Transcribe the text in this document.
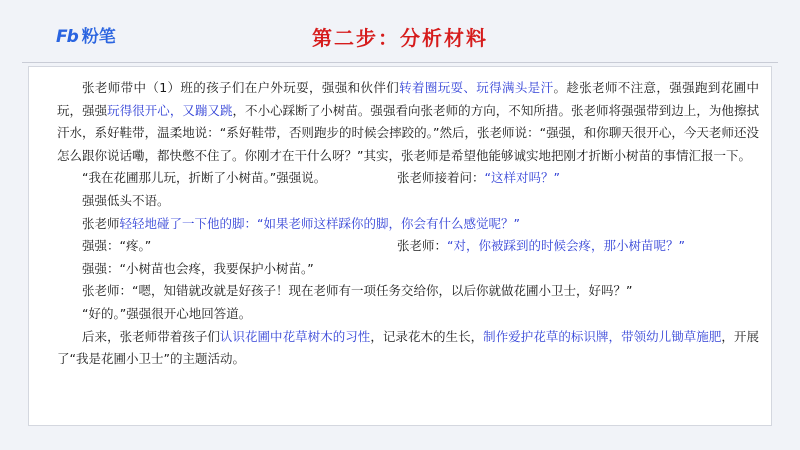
Fb 粉笔	第二步：分析材料

张老师带中（1）班的孩子们在户外玩耍，强强和伙伴们转着圈玩耍、玩得满头是汗。趁张老师不注意，强强跑到花圃中玩，强强玩得很开心，又蹦又跳，不小心踩断了小树苗。强强看向张老师的方向，不知所措。张老师将强强带到边上，为他擦拭汗水，系好鞋带，温柔地说：“系好鞋带，否则跑步的时候会摔跤的。”然后，张老师说：“强强，和你聊天很开心，今天老师还没怎么跟你说话嘞，都快憋不住了。你刚才在干什么呀？”其实，张老师是希望他能够诚实地把刚才折断小树苗的事情汇报一下。

“我在花圃那儿玩，折断了小树苗。”强强说。	张老师接着问：“这样对吗？”
强强低头不语。
张老师轻轻地碰了一下他的脚：“如果老师这样踩你的脚，你会有什么感觉呢？”
强强：“疼。”	张老师：“对，你被踩到的时候会疼，那小树苗呢？”
强强：“小树苗也会疼，我要保护小树苗。”
张老师：“嗯，知错就改就是好孩子！现在老师有一项任务交给你，以后你就做花圃小卫士，好吗？”
“好的。”强强很开心地回答道。

后来，张老师带着孩子们认识花圃中花草树木的习性，记录花木的生长，制作爱护花草的标识牌，带领幼儿锄草施肥，开展了“我是花圃小卫士”的主题活动。
